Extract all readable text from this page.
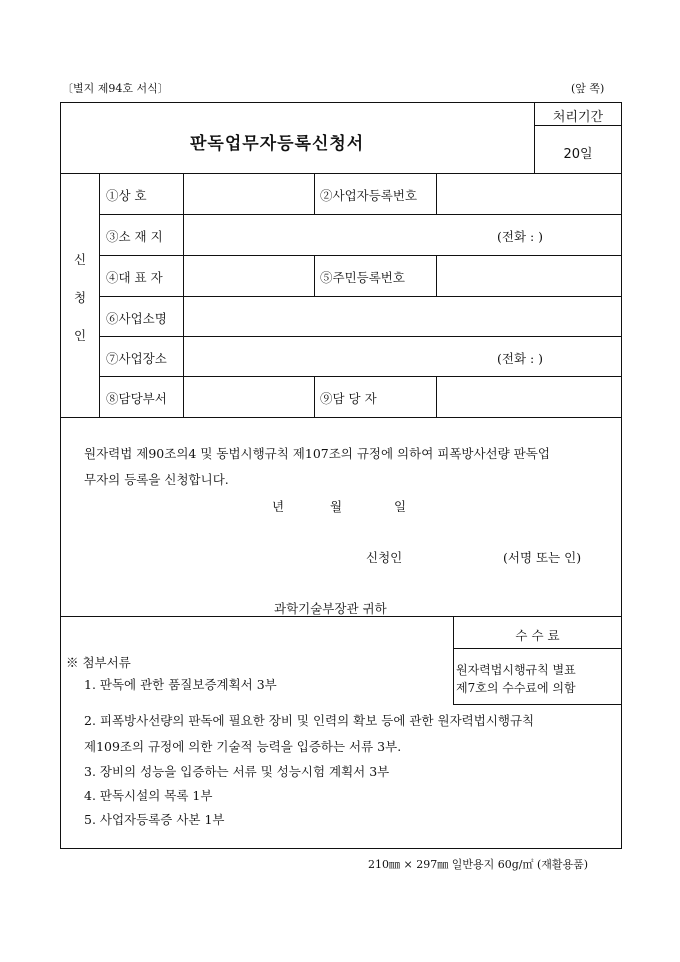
〔별지 제94호 서식〕	(앞 쪽)
판독업무자등록신청서
처리기간
20일
신
청
인
①상 호	②사업자등록번호
③소 재 지	(전화 : )
④대 표 자	⑤주민등록번호
⑥사업소명
⑦사업장소	(전화 : )
⑧담당부서	⑨담 당 자
원자력법 제90조의4 및 동법시행규칙 제107조의 규정에 의하여 피폭방사선량 판독업
무자의 등록을 신청합니다.
년	월	일
신청인	(서명 또는 인)
과학기술부장관 귀하
※ 첨부서류
1. 판독에 관한 품질보증계획서 3부
2. 피폭방사선량의 판독에 필요한 장비 및 인력의 확보 등에 관한 원자력법시행규칙
제109조의 규정에 의한 기술적 능력을 입증하는 서류 3부.
3. 장비의 성능을 입증하는 서류 및 성능시험 계획서 3부
4. 판독시설의 목록 1부
5. 사업자등록증 사본 1부
수 수 료
원자력법시행규칙 별표
제7호의 수수료에 의함
210㎜ × 297㎜ 일반용지 60g/㎡ (재활용품)
